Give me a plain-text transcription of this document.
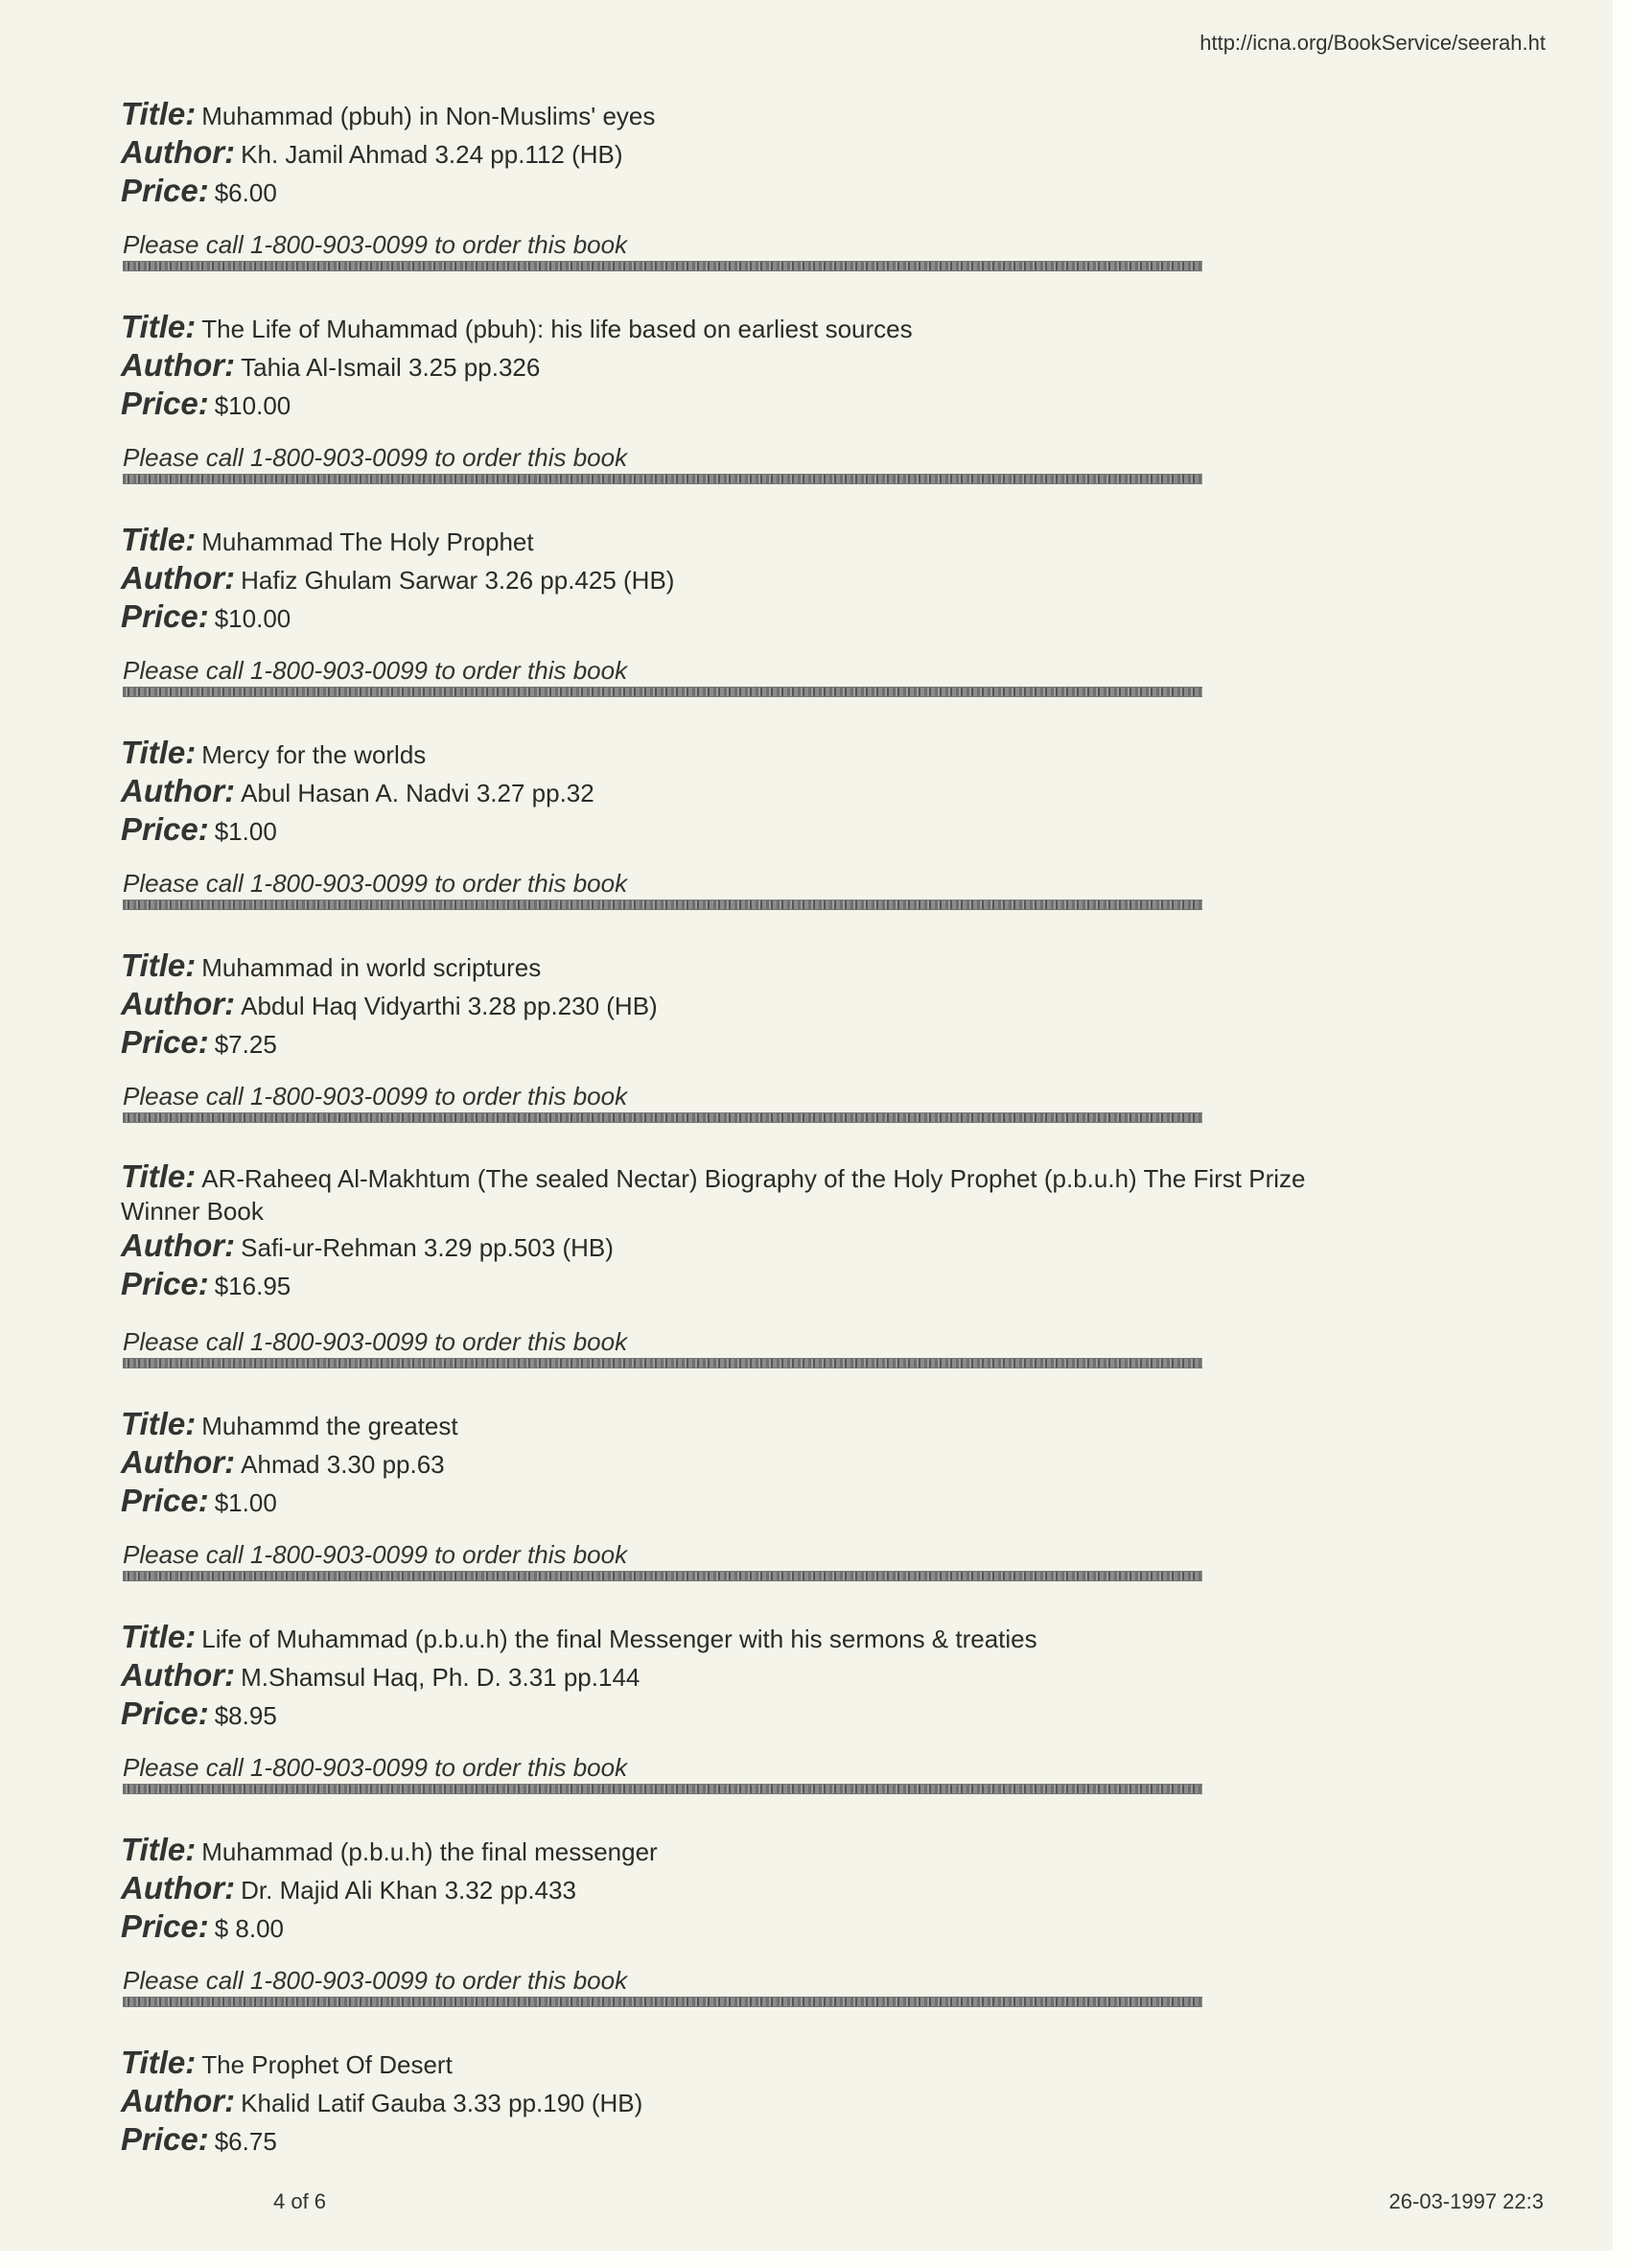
http://icna.org/BookService/seerah.ht

Title: Muhammad (pbuh) in Non-Muslims' eyes

Author: Kh. Jamil Ahmad 3.24 pp.112 (HB)

Price: $6.00

Please call 1-800-903-0099 to order this book

Title: The Life of Muhammad (pbuh): his life based on earliest sources

Author: Tahia Al-Ismail 3.25 pp.326

Price: $10.00

Please call 1-800-903-0099 to order this book

Title: Muhammad The Holy Prophet

Author: Hafiz Ghulam Sarwar 3.26 pp.425 (HB)

Price: $10.00

Please call 1-800-903-0099 to order this book

Title: Mercy for the worlds

Author: Abul Hasan A. Nadvi 3.27 pp.32

Price: $1.00

Please call 1-800-903-0099 to order this book

Title: Muhammad in world scriptures

Author: Abdul Haq Vidyarthi 3.28 pp.230 (HB)

Price: $7.25

Please call 1-800-903-0099 to order this book

Title: AR-Raheeq Al-Makhtum (The sealed Nectar) Biography of the Holy Prophet (p.b.u.h) The First Prize Winner Book

Author: Safi-ur-Rehman 3.29 pp.503 (HB)

Price: $16.95

Please call 1-800-903-0099 to order this book

Title: Muhammd the greatest

Author: Ahmad 3.30 pp.63

Price: $1.00

Please call 1-800-903-0099 to order this book

Title: Life of Muhammad (p.b.u.h) the final Messenger with his sermons & treaties

Author: M.Shamsul Haq, Ph. D. 3.31 pp.144

Price: $8.95

Please call 1-800-903-0099 to order this book

Title: Muhammad (p.b.u.h) the final messenger

Author: Dr. Majid Ali Khan 3.32 pp.433

Price: $ 8.00

Please call 1-800-903-0099 to order this book

Title: The Prophet Of Desert

Author: Khalid Latif Gauba 3.33 pp.190 (HB)

Price: $6.75

4 of 6	26-03-1997 22:3
